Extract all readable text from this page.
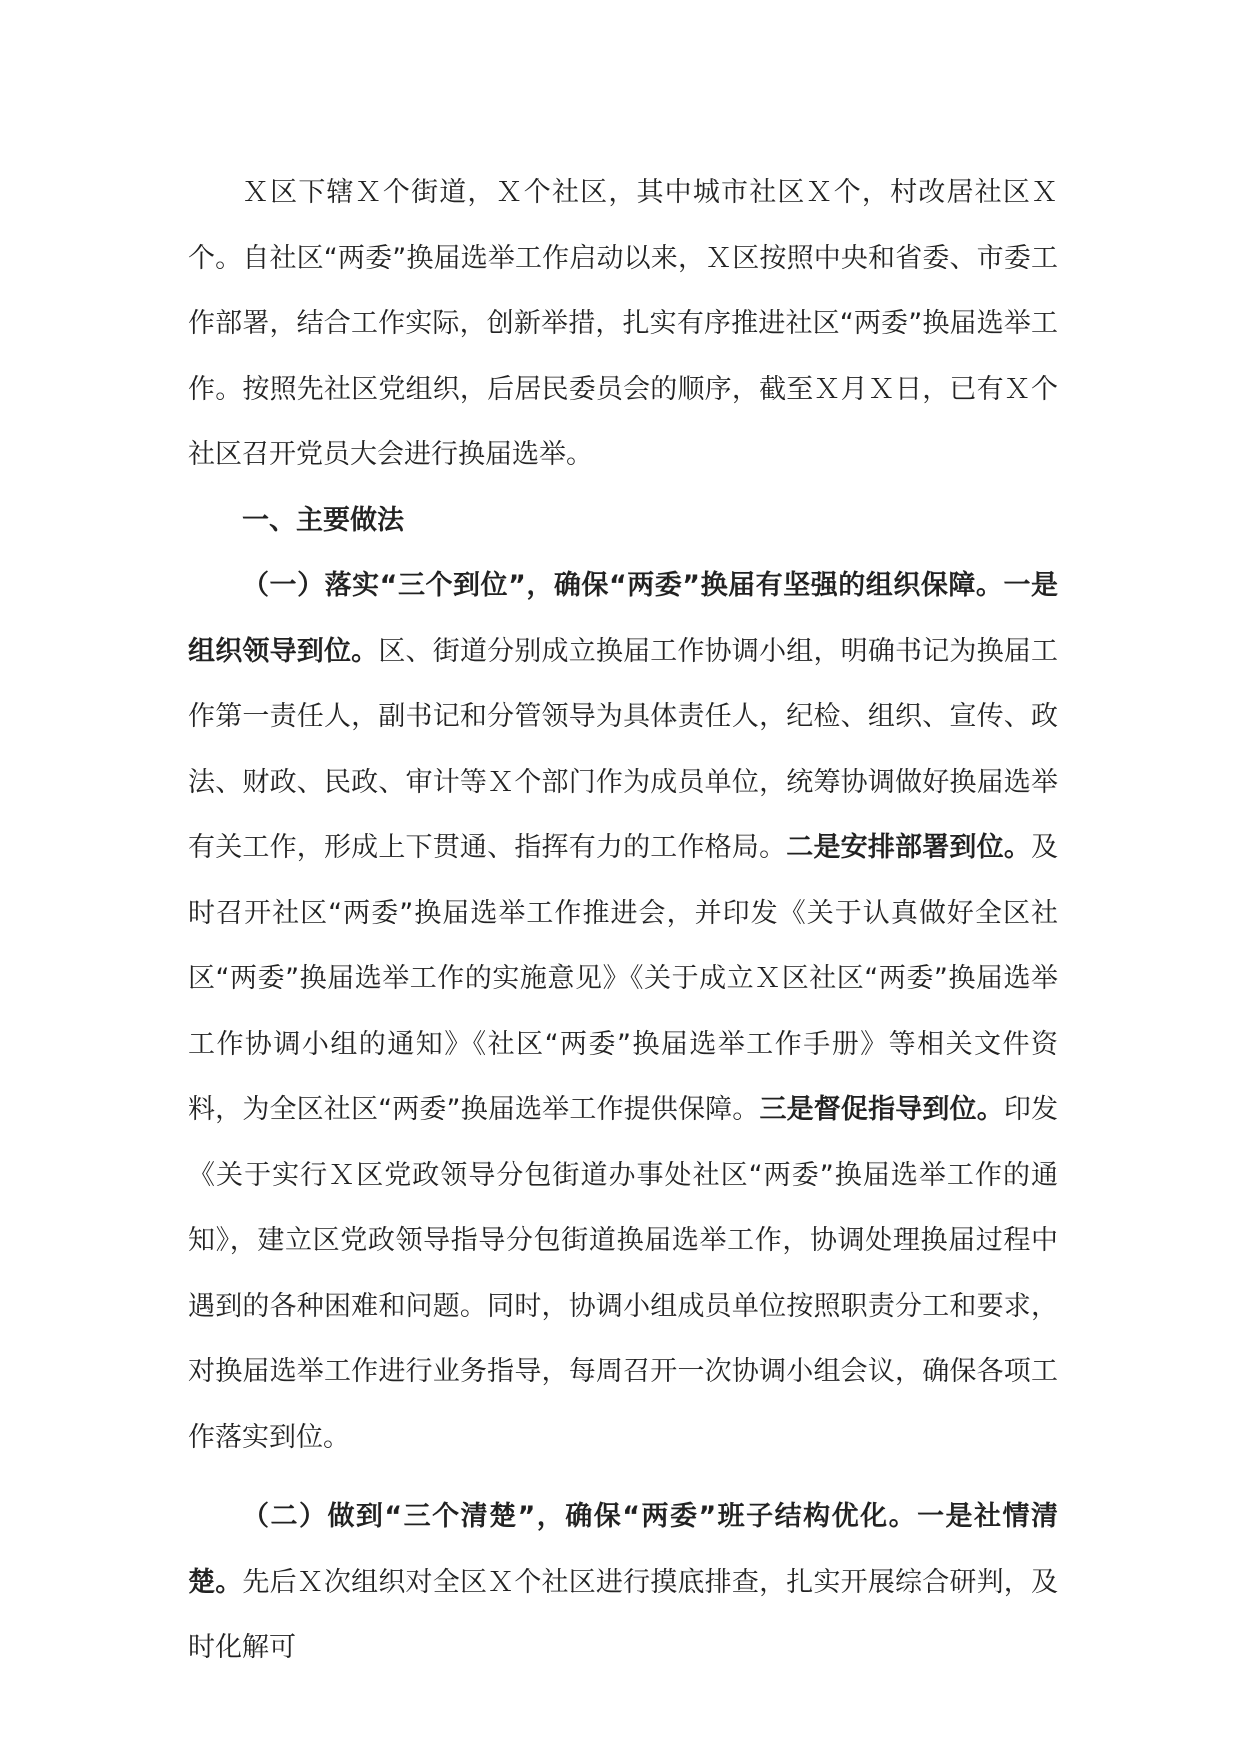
Ｘ区下辖Ｘ个街道，Ｘ个社区，其中城市社区Ｘ个，村改居社区Ｘ个。自社区“两委”换届选举工作启动以来，Ｘ区按照中央和省委、市委工作部署，结合工作实际，创新举措，扎实有序推进社区“两委”换届选举工作。按照先社区党组织，后居民委员会的顺序，截至Ｘ月Ｘ日，已有Ｘ个社区召开党员大会进行换届选举。

一、主要做法

（一）落实“三个到位”，确保“两委”换届有坚强的组织保障。一是组织领导到位。区、街道分别成立换届工作协调小组，明确书记为换届工作第一责任人，副书记和分管领导为具体责任人，纪检、组织、宣传、政法、财政、民政、审计等Ｘ个部门作为成员单位，统筹协调做好换届选举有关工作，形成上下贯通、指挥有力的工作格局。二是安排部署到位。及时召开社区“两委”换届选举工作推进会，并印发《关于认真做好全区社区“两委”换届选举工作的实施意见》《关于成立Ｘ区社区“两委”换届选举工作协调小组的通知》《社区“两委”换届选举工作手册》等相关文件资料，为全区社区“两委”换届选举工作提供保障。三是督促指导到位。印发《关于实行Ｘ区党政领导分包街道办事处社区“两委”换届选举工作的通知》，建立区党政领导指导分包街道换届选举工作，协调处理换届过程中遇到的各种困难和问题。同时，协调小组成员单位按照职责分工和要求，对换届选举工作进行业务指导，每周召开一次协调小组会议，确保各项工作落实到位。

（二）做到“三个清楚”，确保“两委”班子结构优化。一是社情清楚。先后Ｘ次组织对全区Ｘ个社区进行摸底排查，扎实开展综合研判，及时化解可
